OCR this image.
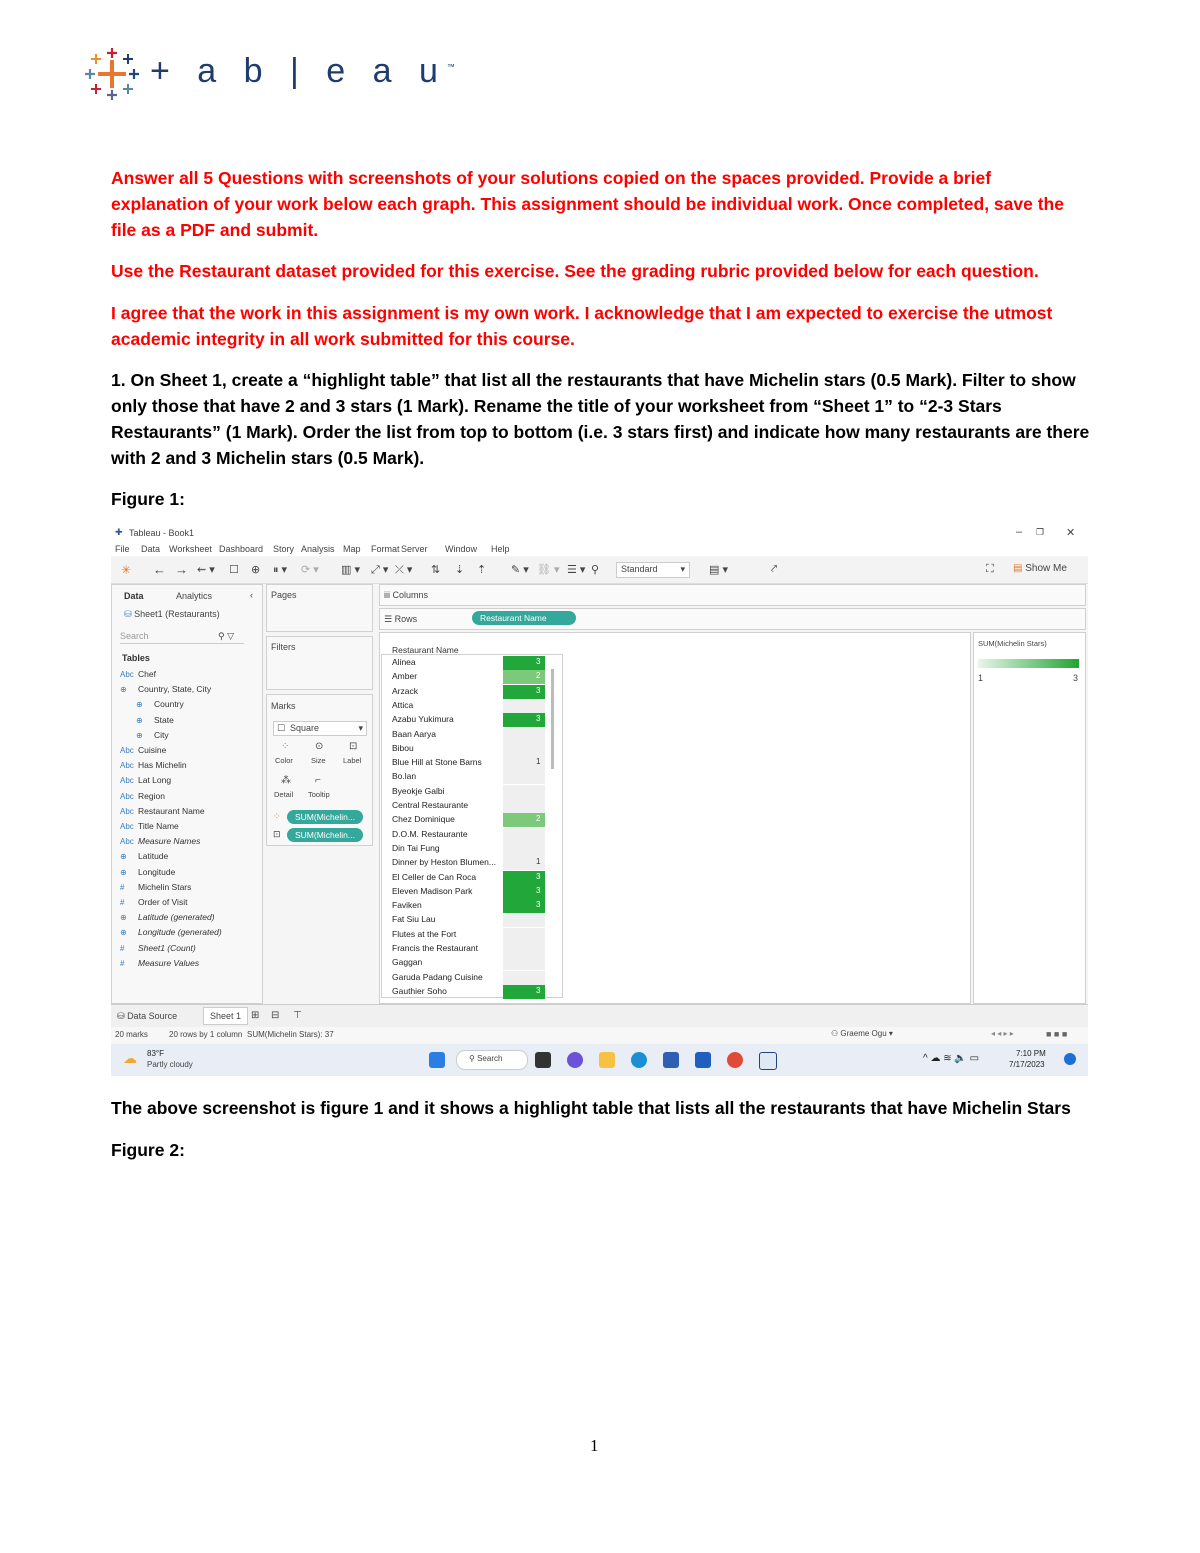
+ a b | e a u™
Answer all 5 Questions with screenshots of your solutions copied on the spaces provided. Provide a brief explanation of your work below each graph. This assignment should be individual work. Once completed, save the file as a PDF and submit.
Use the Restaurant dataset provided for this exercise. See the grading rubric provided below for each question.
I agree that the work in this assignment is my own work. I acknowledge that I am expected to exercise the utmost academic integrity in all work submitted for this course.
1. On Sheet 1, create a “highlight table” that list all the restaurants that have Michelin stars (0.5 Mark). Filter to show only those that have 2 and 3 stars (1 Mark). Rename the title of your worksheet from “Sheet 1” to “2-3 Stars Restaurants” (1 Mark). Order the list from top to bottom (i.e. 3 stars first) and indicate how many restaurants are there with 2 and 3 Michelin stars (0.5 Mark).
Figure 1:
✚ Tableau - Book1	– ❐ ✕
File Data Worksheet Dashboard Story Analysis Map Format Server Window Help
✳ ← → ⇜ ▾ ☐ ⊕ ⏸ ▾ ⟳ ▾ ▥ ▾ ⤢ ▾ ⤫ ▾ ⇅ ⇣ ⇡ ✎ ▾ ⛓ ▾ ☰ ▾ ⚲ Standard	▾ ▤ ▾	⤤	⛶ ▤ Show Me
Data	Analytics	‹
⛁ Sheet1 (Restaurants)
Search	⚲ ▽
Tables
Abc Chef
⊕ Country, State, City
⊕ Country
⊕ State
⊕ City
Abc Cuisine
Abc Has Michelin
Abc Lat Long
Abc Region
Abc Restaurant Name
Abc Title Name
Abc Measure Names
⊕ Latitude
⊕ Longitude
# Michelin Stars
# Order of Visit
⊕ Latitude (generated)
⊕ Longitude (generated)
# Sheet1 (Count)
# Measure Values
Pages
Filters
Marks
☐ Square	▾
⁘
Color
⊙
Size
⊡
Label
⁂
Detail
⌐
Tooltip
⁘	SUM(Michelin...
⊡	SUM(Michelin...
iii Columns
☰ Rows	Restaurant Name
Restaurant Name
Alinea	3
Amber	2
Arzack	3
Attica
Azabu Yukimura	3
Baan Aarya
Bibou
Blue Hill at Stone Barns	1
Bo.lan
Byeokje Galbi
Central Restaurante
Chez Dominique	2
D.O.M. Restaurante
Din Tai Fung
Dinner by Heston Blumen...	1
El Celler de Can Roca	3
Eleven Madison Park	3
Faviken	3
Fat Siu Lau
Flutes at the Fort
Francis the Restaurant
Gaggan
Garuda Padang Cuisine
Gauthier Soho	3
SUM(Michelin Stars)
1	3
⛁ Data Source	Sheet 1 ⊞ ⊟ ⊤
20 marks	20 rows by 1 column SUM(Michelin Stars): 37	⚇ Graeme Ogu ▾	◂ ◂ ▸ ▸	■ ■ ■
☁ 83°F
Partly cloudy
⚲ Search	^ ☁ ≋ 🔈 ▭	7:10 PM
7/17/2023
The above screenshot is figure 1 and it shows a highlight table that lists all the restaurants that have Michelin Stars
Figure 2:
1
